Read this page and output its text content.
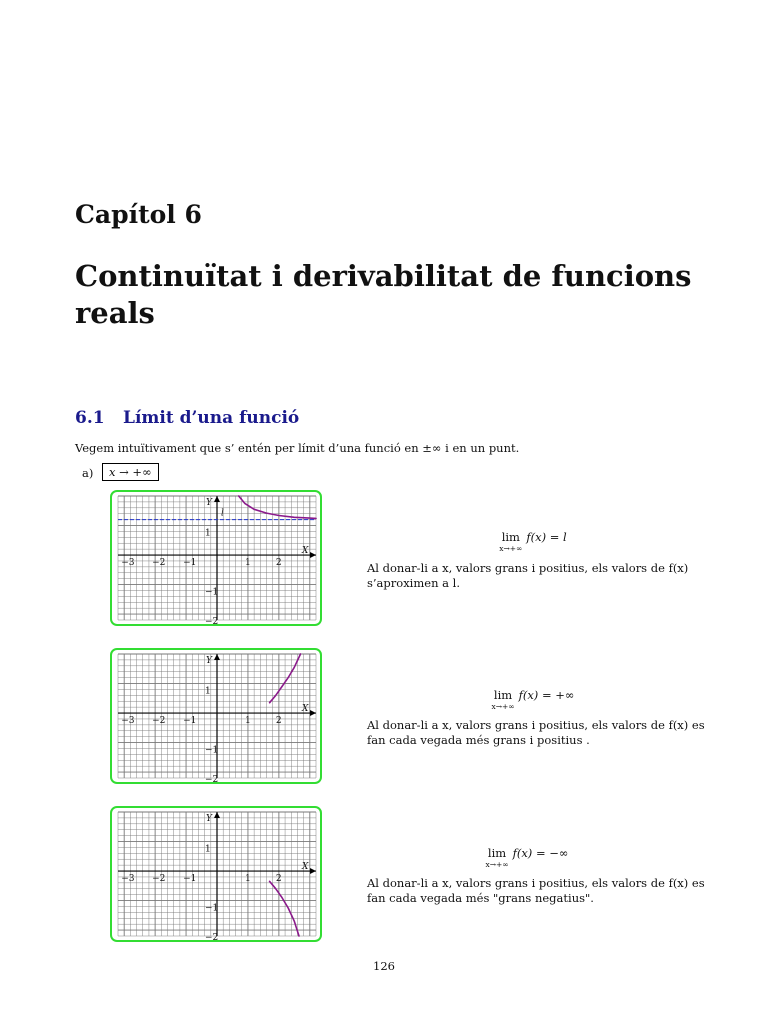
Capítol 6
Continuïtat i derivabilitat de funcions reals
6.1 Límit d’una funció

Vegem intuïtivament que s’ entén per límit d’una funció en ±∞ i en un punt.

a)	x → +∞
X
Y
−3 −2 −1	1	2
1
−1
−2
l
lim
x→+∞
f(x) = l

Al donar-li a x, valors grans i positius, els valors de f(x) s’aproximen a l.

X
Y
−3 −2 −1	1	2
1
−1
−2
lim
x→+∞
f(x) = +∞

Al donar-li a x, valors grans i positius, els valors de f(x) es fan cada vegada més grans i positius .

X
Y
−3 −2 −1	1	2
1
−1
−2
lim
x→+∞
f(x) = −∞

Al donar-li a x, valors grans i positius, els valors de f(x) es fan cada vegada més "grans negatius".

126
